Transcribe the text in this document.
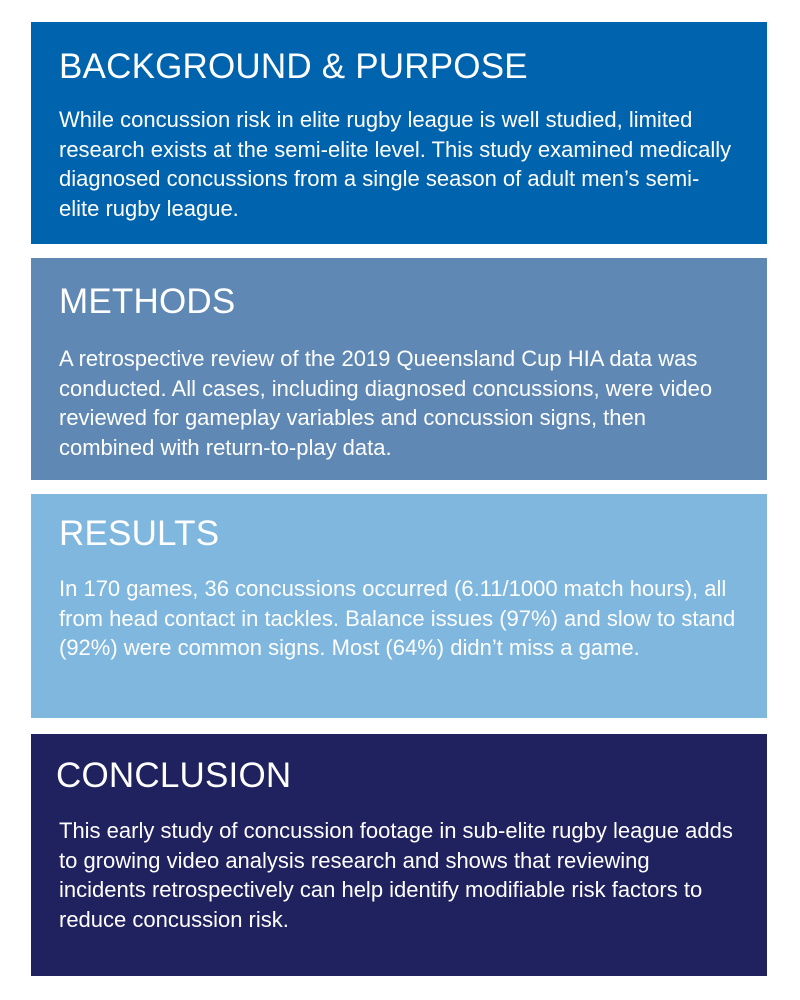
BACKGROUND & PURPOSE

While concussion risk in elite rugby league is well studied, limited research exists at the semi-elite level. This study examined medically diagnosed concussions from a single season of adult men’s semi-elite rugby league.

METHODS

A retrospective review of the 2019 Queensland Cup HIA data was conducted. All cases, including diagnosed concussions, were video reviewed for gameplay variables and concussion signs, then combined with return-to-play data.

RESULTS

In 170 games, 36 concussions occurred (6.11/1000 match hours), all from head contact in tackles. Balance issues (97%) and slow to stand (92%) were common signs. Most (64%) didn’t miss a game.

CONCLUSION

This early study of concussion footage in sub-elite rugby league adds to growing video analysis research and shows that reviewing incidents retrospectively can help identify modifiable risk factors to reduce concussion risk.
